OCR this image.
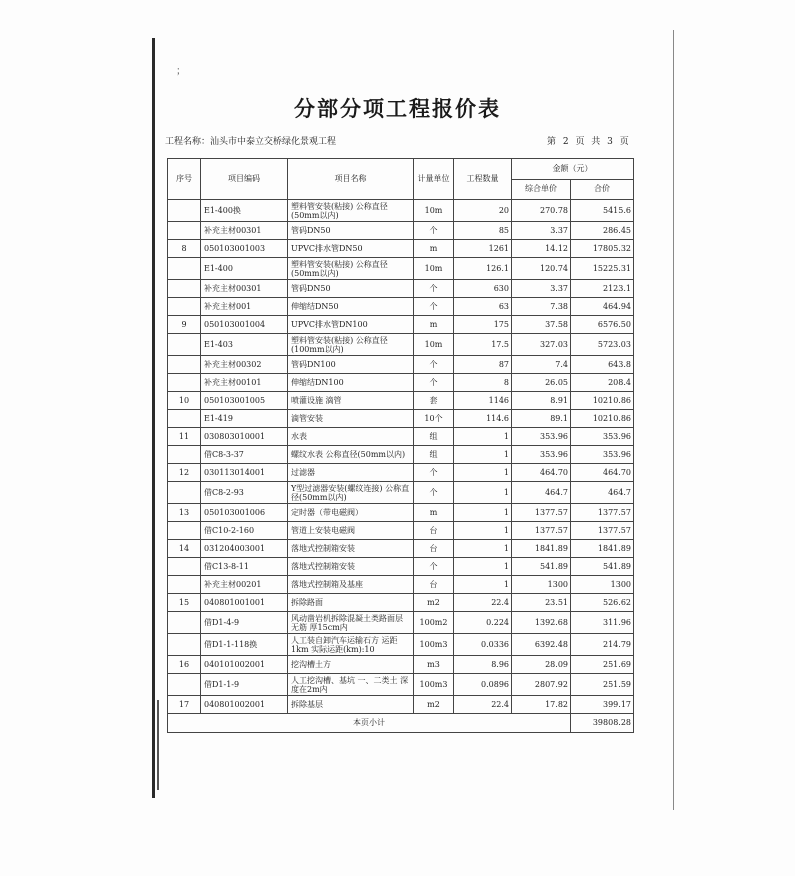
；
分部分项工程报价表
工程名称：汕头市中泰立交桥绿化景观工程	第 2 页 共 3 页
序号	项目编码	项目名称	计量单位	工程数量	金额（元）	
					综合单价	合价
	E1-400换	塑料管安装(粘接) 公称直径(50mm以内)	10m	20	270.78	5415.6
	补充主材00301	管码DN50	个	85	3.37	286.45
8	050103001003	UPVC排水管DN50	m	1261	14.12	17805.32
	E1-400	塑料管安装(粘接) 公称直径(50mm以内)	10m	126.1	120.74	15225.31
	补充主材00301	管码DN50	个	630	3.37	2123.1
	补充主材001	伸缩结DN50	个	63	7.38	464.94
9	050103001004	UPVC排水管DN100	m	175	37.58	6576.50
	E1-403	塑料管安装(粘接) 公称直径(100mm以内)	10m	17.5	327.03	5723.03
	补充主材00302	管码DN100	个	87	7.4	643.8
	补充主材00101	伸缩结DN100	个	8	26.05	208.4
10	050103001005	喷灌设施 滴管	套	1146	8.91	10210.86
	E1-419	滴管安装	10个	114.6	89.1	10210.86
11	030803010001	水表	组	1	353.96	353.96
	借C8-3-37	螺纹水表 公称直径(50mm以内)	组	1	353.96	353.96
12	030113014001	过滤器	个	1	464.70	464.70
	借C8-2-93	Y型过滤器安装(螺纹连接) 公称直径(50mm以内)	个	1	464.7	464.7
13	050103001006	定时器（带电磁阀）	m	1	1377.57	1377.57
	借C10-2-160	管道上安装电磁阀	台	1	1377.57	1377.57
14	031204003001	落地式控制箱安装	台	1	1841.89	1841.89
	借C13-8-11	落地式控制箱安装	个	1	541.89	541.89
	补充主材00201	落地式控制箱及基座	台	1	1300	1300
15	040801001001	拆除路面	m2	22.4	23.51	526.62
	借D1-4-9	风动凿岩机拆除混凝土类路面层 无筋 厚15cm内	100m2	0.224	1392.68	311.96
	借D1-1-118换	人工装自卸汽车运输石方 运距1km 实际运距(km):10	100m3	0.0336	6392.48	214.79
16	040101002001	挖沟槽土方	m3	8.96	28.09	251.69
	借D1-1-9	人工挖沟槽、基坑 一、二类土 深度在2m内	100m3	0.0896	2807.92	251.59
17	040801002001	拆除基层	m2	22.4	17.82	399.17
本页小计						39808.28
